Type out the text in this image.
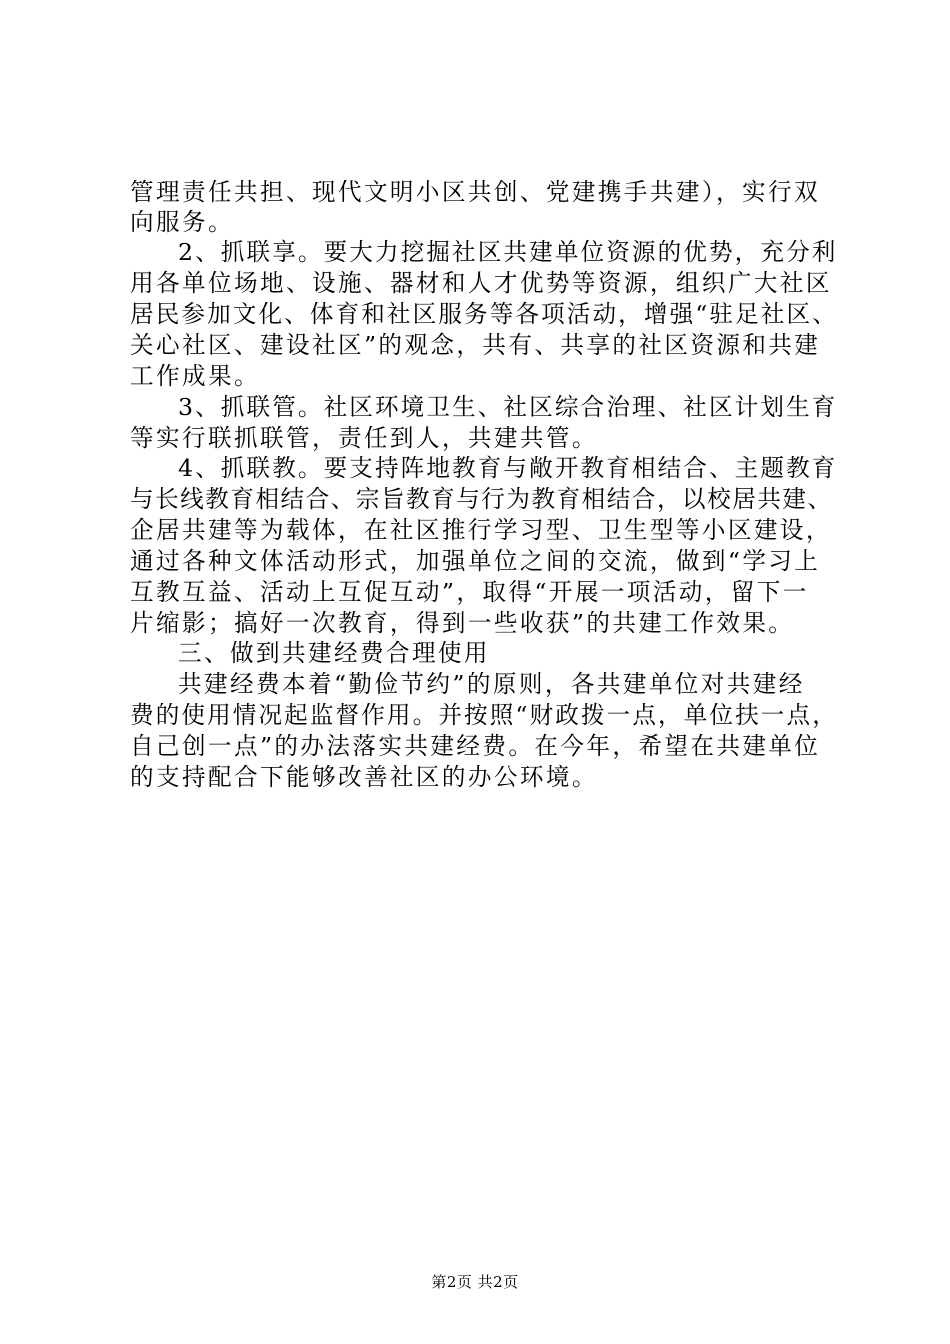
管理责任共担、现代文明小区共创、党建携手共建），实行双
向服务。
2、抓联享。要大力挖掘社区共建单位资源的优势，充分利
用各单位场地、设施、器材和人才优势等资源，组织广大社区
居民参加文化、体育和社区服务等各项活动，增强“驻足社区、
关心社区、建设社区”的观念，共有、共享的社区资源和共建
工作成果。
3、抓联管。社区环境卫生、社区综合治理、社区计划生育
等实行联抓联管，责任到人，共建共管。
4、抓联教。要支持阵地教育与敞开教育相结合、主题教育
与长线教育相结合、宗旨教育与行为教育相结合，以校居共建、
企居共建等为载体，在社区推行学习型、卫生型等小区建设，
通过各种文体活动形式，加强单位之间的交流，做到“学习上
互教互益、活动上互促互动”，取得“开展一项活动，留下一
片缩影；搞好一次教育，得到一些收获”的共建工作效果。
三、做到共建经费合理使用
共建经费本着“勤俭节约”的原则，各共建单位对共建经
费的使用情况起监督作用。并按照“财政拨一点，单位扶一点，
自己创一点”的办法落实共建经费。在今年，希望在共建单位
的支持配合下能够改善社区的办公环境。
第2页 共2页
